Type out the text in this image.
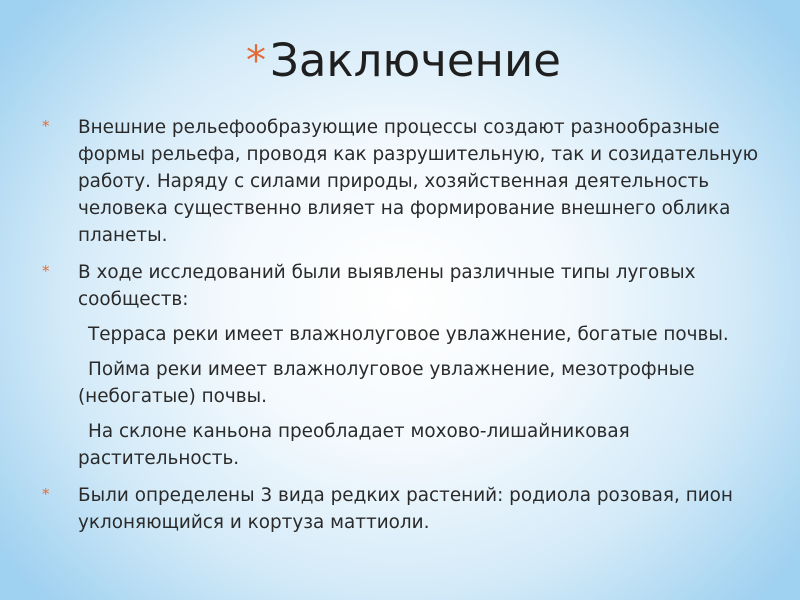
*Заключение
* Внешние рельефообразующие процессы создают разнообразные формы рельефа, проводя как разрушительную, так и созидательную работу. Наряду с силами природы, хозяйственная деятельность человека существенно влияет на формирование внешнего облика планеты.

* В ходе исследований были выявлены различные типы луговых сообществ:

Терраса реки имеет влажнолуговое увлажнение, богатые почвы.

Пойма реки имеет влажнолуговое увлажнение, мезотрофные (небогатые) почвы.

На склоне каньона преобладает мохово-лишайниковая растительность.

* Были определены 3 вида редких растений: родиола розовая, пион уклоняющийся и кортуза маттиоли.
